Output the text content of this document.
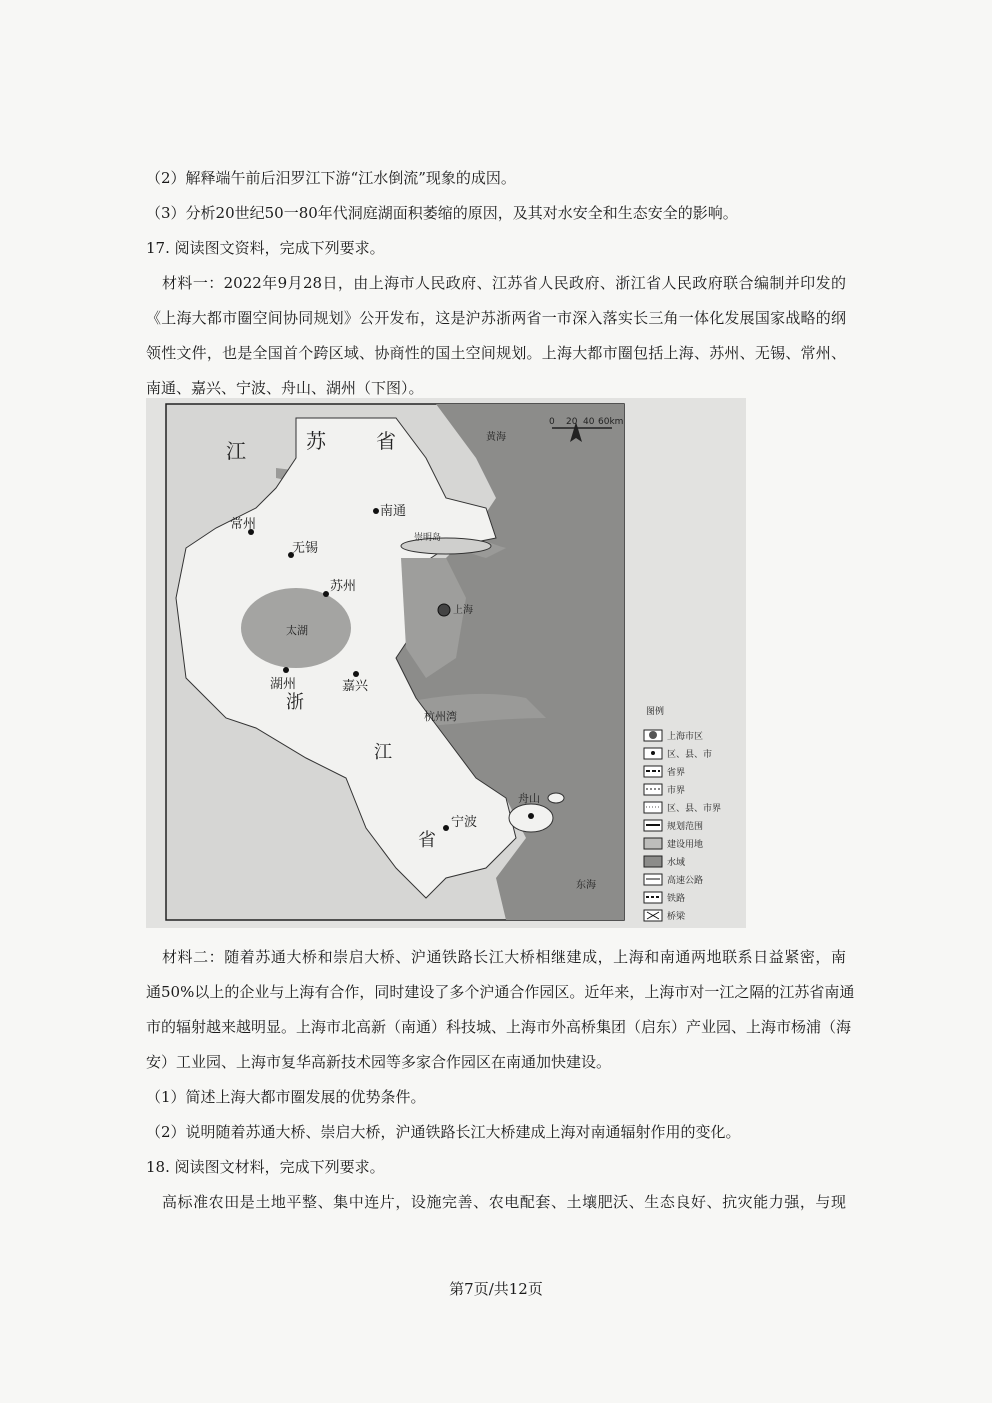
（2）解释端午前后汨罗江下游“江水倒流”现象的成因。
（3）分析20世纪50一80年代洞庭湖面积萎缩的原因，及其对水安全和生态安全的影响。
17. 阅读图文资料，完成下列要求。
材料一：2022年9月28日，由上海市人民政府、江苏省人民政府、浙江省人民政府联合编制并印发的
《上海大都市圈空间协同规划》公开发布，这是沪苏浙两省一市深入落实长三角一体化发展国家战略的纲
领性文件，也是全国首个跨区域、协商性的国土空间规划。上海大都市圈包括上海、苏州、无锡、常州、
南通、嘉兴、宁波、舟山、湖州（下图）。
图例
0 20 40 60km
江	苏	省
南通
常州
无锡
苏州
上海
太湖
湖州	嘉兴
浙
江
省
杭州湾
宁波
舟山
黄海
东海
崇明岛
上海市区
区、县、市
省界
市界
区、县、市界
规划范围
建设用地
水域
高速公路
铁路
桥梁
材料二：随着苏通大桥和崇启大桥、沪通铁路长江大桥相继建成，上海和南通两地联系日益紧密，南
通50%以上的企业与上海有合作，同时建设了多个沪通合作园区。近年来，上海市对一江之隔的江苏省南通
市的辐射越来越明显。上海市北高新（南通）科技城、上海市外高桥集团（启东）产业园、上海市杨浦（海
安）工业园、上海市复华高新技术园等多家合作园区在南通加快建设。
（1）简述上海大都市圈发展的优势条件。
（2）说明随着苏通大桥、崇启大桥，沪通铁路长江大桥建成上海对南通辐射作用的变化。
18. 阅读图文材料，完成下列要求。
高标准农田是土地平整、集中连片，设施完善、农电配套、土壤肥沃、生态良好、抗灾能力强，与现
第7页/共12页
